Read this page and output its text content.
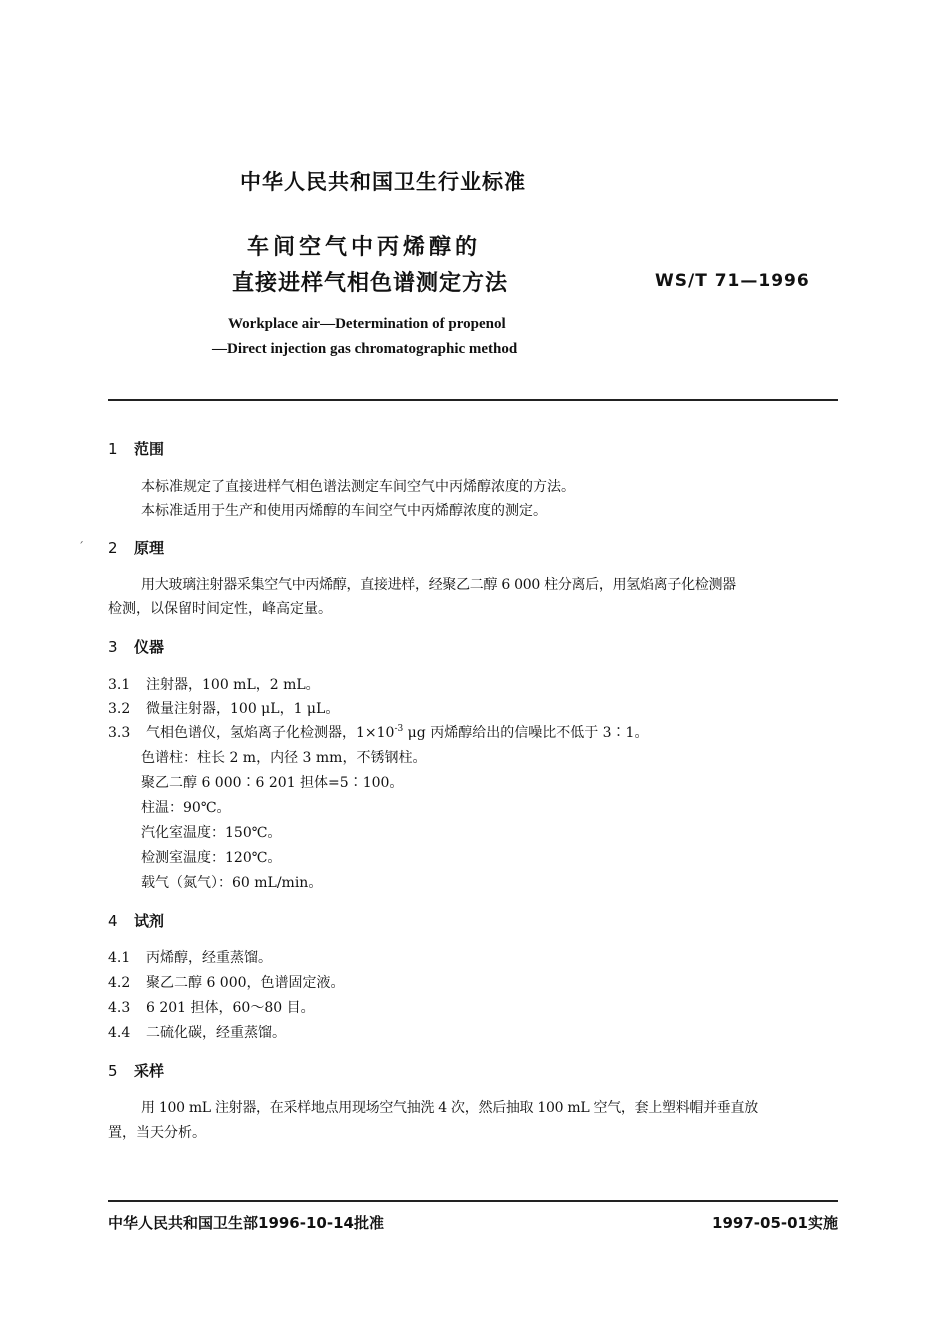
中华人民共和国卫生行业标准
车间空气中丙烯醇的
直接进样气相色谱测定方法	WS/T 71—1996
Workplace air—Determination of propenol
—Direct injection gas chromatographic method
1 范围
本标准规定了直接进样气相色谱法测定车间空气中丙烯醇浓度的方法。
本标准适用于生产和使用丙烯醇的车间空气中丙烯醇浓度的测定。
ˊ 2 原理
用大玻璃注射器采集空气中丙烯醇，直接进样，经聚乙二醇 6 000 柱分离后，用氢焰离子化检测器
检测，以保留时间定性，峰高定量。
3 仪器
3.1 注射器，100 mL，2 mL。
3.2 微量注射器，100 μL，1 μL。
3.3 气相色谱仪，氢焰离子化检测器，$1\times 10^{-3}$ μg 丙烯醇给出的信噪比不低于 3∶1。
色谱柱：柱长 2 m，内径 3 mm，不锈钢柱。
聚乙二醇 6 000∶6 201 担体=5∶100。
柱温：90℃。
汽化室温度：150℃。
检测室温度：120℃。
载气（氮气）：60 mL/min。
4 试剂
4.1 丙烯醇，经重蒸馏。
4.2 聚乙二醇 6 000，色谱固定液。
4.3 6 201 担体，60～80 目。
4.4 二硫化碳，经重蒸馏。
5 采样
用 100 mL 注射器，在采样地点用现场空气抽洗 4 次，然后抽取 100 mL 空气，套上塑料帽并垂直放
置，当天分析。
中华人民共和国卫生部1996-10-14批准	1997-05-01实施
